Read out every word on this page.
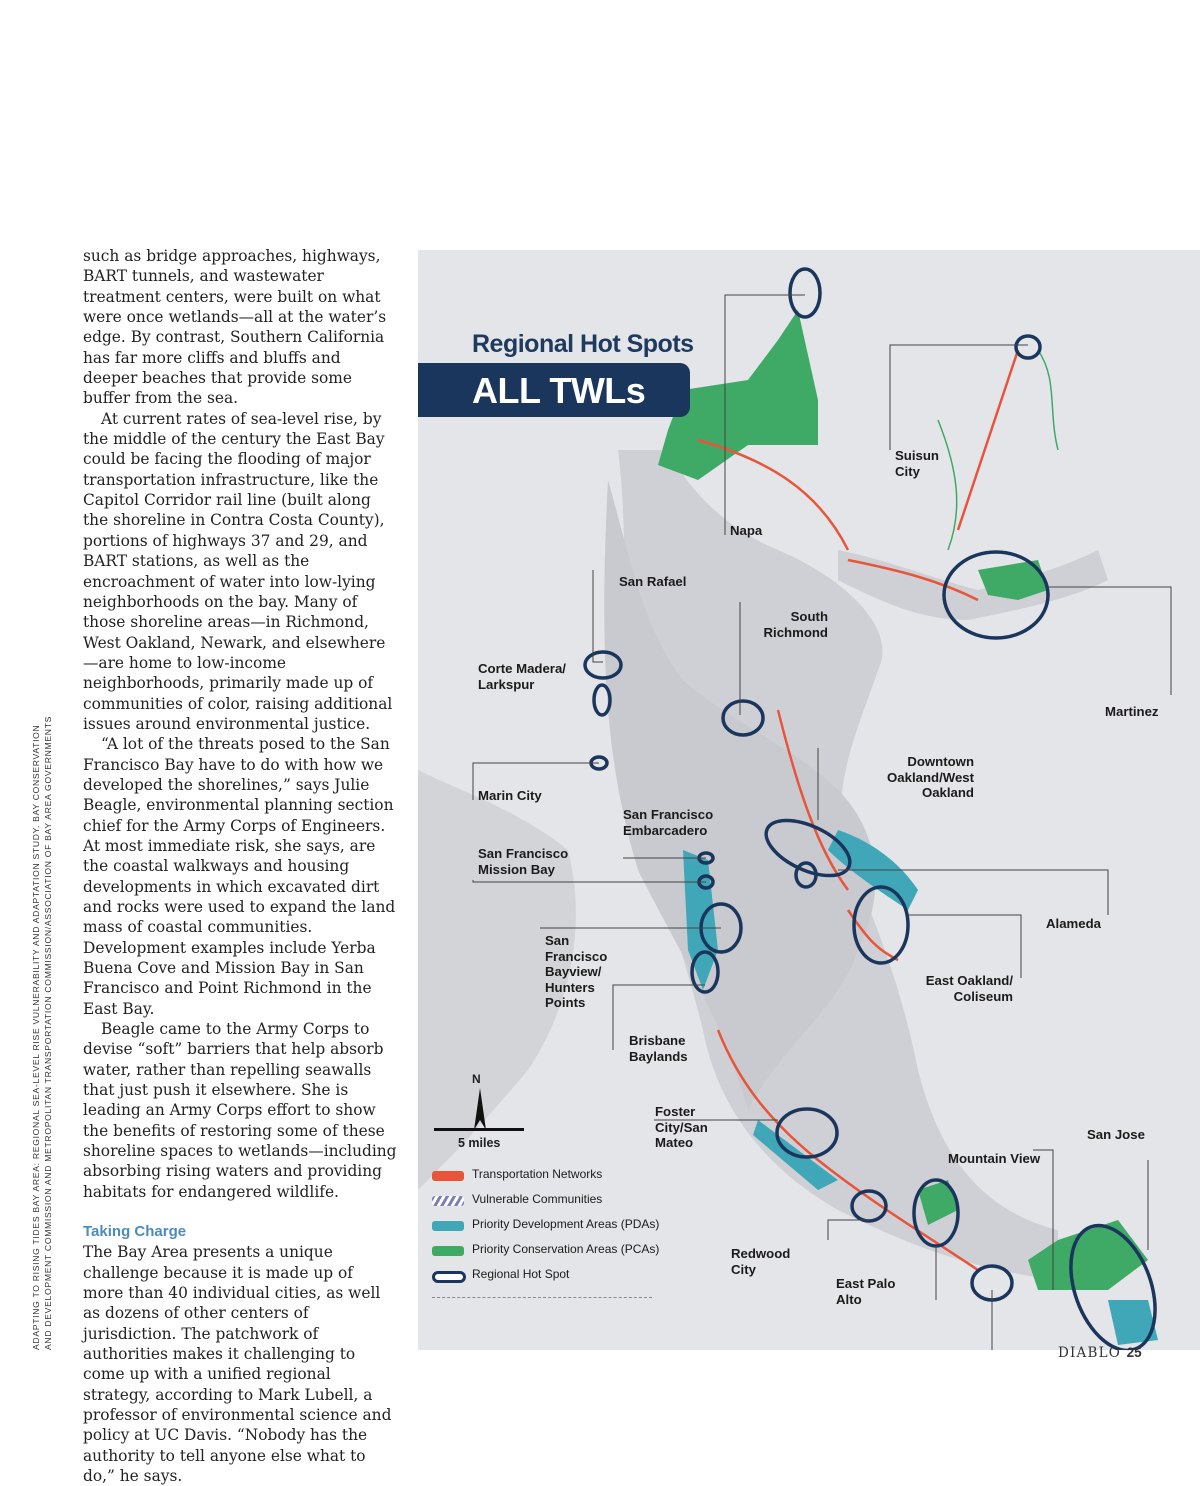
ADAPTING TO RISING TIDES BAY AREA: REGIONAL SEA-LEVEL RISE VULNERABILITY AND ADAPTATION STUDY. BAY CONSERVATION AND DEVELOPMENT COMMISSION AND METROPOLITAN TRANSPORTATION COMMISSION/ASSOCIATION OF BAY AREA GOVERNMENTS

such as bridge approaches, highways, BART tunnels, and wastewater treatment centers, were built on what were once wetlands—all at the water’s edge. By contrast, Southern California has far more cliffs and bluffs and deeper beaches that provide some buffer from the sea.

At current rates of sea-level rise, by the middle of the century the East Bay could be facing the flooding of major transportation infrastructure, like the Capitol Corridor rail line (built along the shoreline in Contra Costa County), portions of highways 37 and 29, and BART stations, as well as the encroachment of water into low-lying neighborhoods on the bay. Many of those shoreline areas—in Richmond, West Oakland, Newark, and elsewhere—are home to low-income neighborhoods, primarily made up of communities of color, raising additional issues around environmental justice.

“A lot of the threats posed to the San Francisco Bay have to do with how we developed the shorelines,” says Julie Beagle, environmental planning section chief for the Army Corps of Engineers. At most immediate risk, she says, are the coastal walkways and housing developments in which excavated dirt and rocks were used to expand the land mass of coastal communities. Development examples include Yerba Buena Cove and Mission Bay in San Francisco and Point Richmond in the East Bay.

Beagle came to the Army Corps to devise “soft” barriers that help absorb water, rather than repelling seawalls that just push it elsewhere. She is leading an Army Corps effort to show the benefits of restoring some of these shoreline spaces to wetlands—including absorbing rising waters and providing habitats for endangered wildlife.

Taking Charge

The Bay Area presents a unique challenge because it is made up of more than 40 individual cities, as well as dozens of other centers of jurisdiction. The patchwork of authorities makes it challenging to come up with a unified regional strategy, according to Mark Lubell, a professor of environmental science and policy at UC Davis. “Nobody has the authority to tell anyone else what to do,” he says.

Regional Hot Spots
ALL TWLs
Suisun
City
Napa
San Rafael
South
Richmond
Corte Madera/
Larkspur
Martinez
Downtown
Oakland/West
Oakland
Marin City
San Francisco
Embarcadero
San Francisco
Mission Bay
Alameda
San
Francisco
Bayview/
Hunters
Points
East Oakland/
Coliseum
Brisbane
Baylands
Foster
City/San
Mateo
San Jose
Mountain View
Redwood
City
East Palo
Alto
N
5 miles
Transportation Networks
Vulnerable Communities
Priority Development Areas (PDAs)
Priority Conservation Areas (PCAs)
Regional Hot Spot
DIABLO 25
